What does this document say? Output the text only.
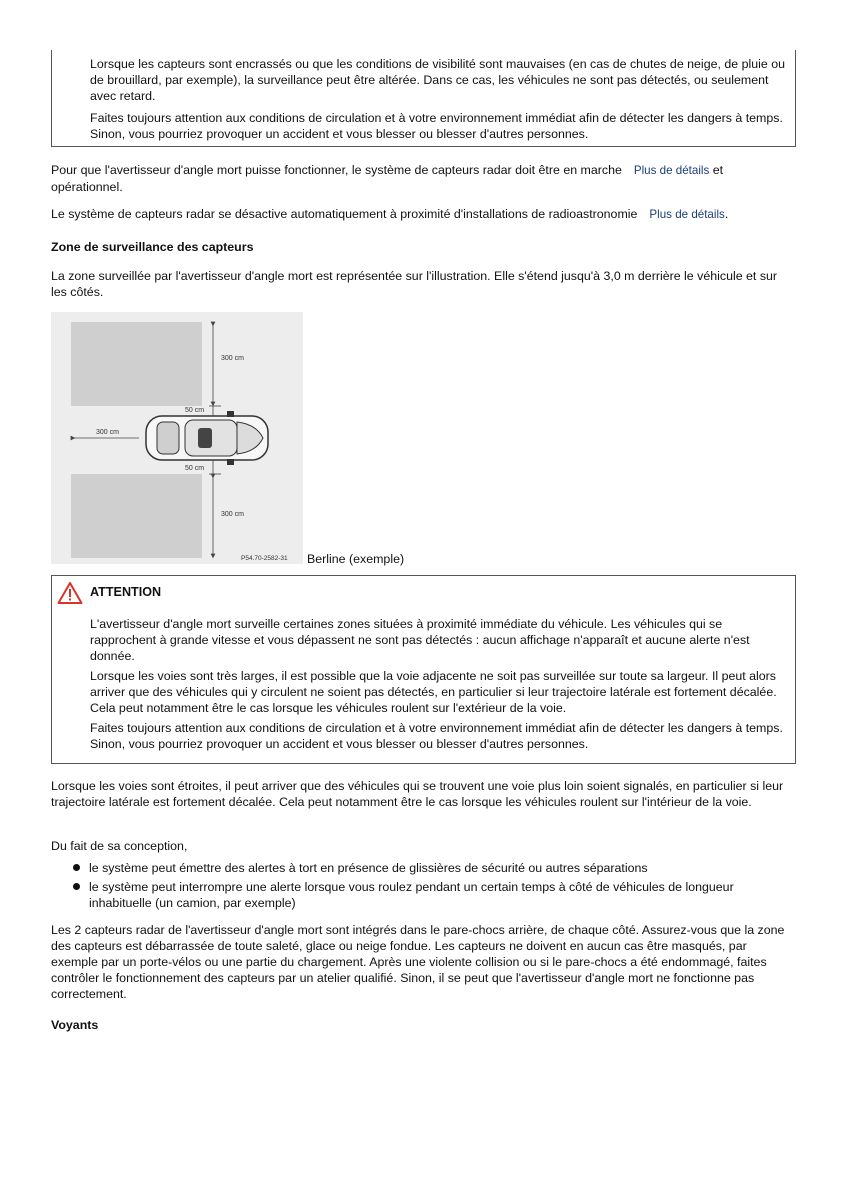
Lorsque les capteurs sont encrassés ou que les conditions de visibilité sont mauvaises (en cas de chutes de neige, de pluie ou de brouillard, par exemple), la surveillance peut être altérée. Dans ce cas, les véhicules ne sont pas détectés, ou seulement avec retard.

Faites toujours attention aux conditions de circulation et à votre environnement immédiat afin de détecter les dangers à temps. Sinon, vous pourriez provoquer un accident et vous blesser ou blesser d'autres personnes.

Pour que l'avertisseur d'angle mort puisse fonctionner, le système de capteurs radar doit être en marche Plus de détails et
opérationnel.

Le système de capteurs radar se désactive automatiquement à proximité d'installations de radioastronomie Plus de détails.

Zone de surveillance des capteurs

La zone surveillée par l'avertisseur d'angle mort est représentée sur l'illustration. Elle s'étend jusqu'à 3,0 m derrière le véhicule et sur les côtés.

300 cm
50 cm
300 cm
50 cm
300 cm
P54.70-2582-31 Berline (exemple)
ATTENTION

L'avertisseur d'angle mort surveille certaines zones situées à proximité immédiate du véhicule. Les véhicules qui se rapprochent à grande vitesse et vous dépassent ne sont pas détectés : aucun affichage n'apparaît et aucune alerte n'est donnée.

Lorsque les voies sont très larges, il est possible que la voie adjacente ne soit pas surveillée sur toute sa largeur. Il peut alors arriver que des véhicules qui y circulent ne soient pas détectés, en particulier si leur trajectoire latérale est fortement décalée. Cela peut notamment être le cas lorsque les véhicules roulent sur l'extérieur de la voie.

Faites toujours attention aux conditions de circulation et à votre environnement immédiat afin de détecter les dangers à temps. Sinon, vous pourriez provoquer un accident et vous blesser ou blesser d'autres personnes.

Lorsque les voies sont étroites, il peut arriver que des véhicules qui se trouvent une voie plus loin soient signalés, en particulier si leur trajectoire latérale est fortement décalée. Cela peut notamment être le cas lorsque les véhicules roulent sur l'intérieur de la voie.

Du fait de sa conception,

le système peut émettre des alertes à tort en présence de glissières de sécurité ou autres séparations
le système peut interrompre une alerte lorsque vous roulez pendant un certain temps à côté de véhicules de longueur inhabituelle (un camion, par exemple)

Les 2 capteurs radar de l'avertisseur d'angle mort sont intégrés dans le pare-chocs arrière, de chaque côté. Assurez-vous que la zone des capteurs est débarrassée de toute saleté, glace ou neige fondue. Les capteurs ne doivent en aucun cas être masqués, par exemple par un porte-vélos ou une partie du chargement. Après une violente collision ou si le pare-chocs a été endommagé, faites contrôler le fonctionnement des capteurs par un atelier qualifié. Sinon, il se peut que l'avertisseur d'angle mort ne fonctionne pas correctement.

Voyants
